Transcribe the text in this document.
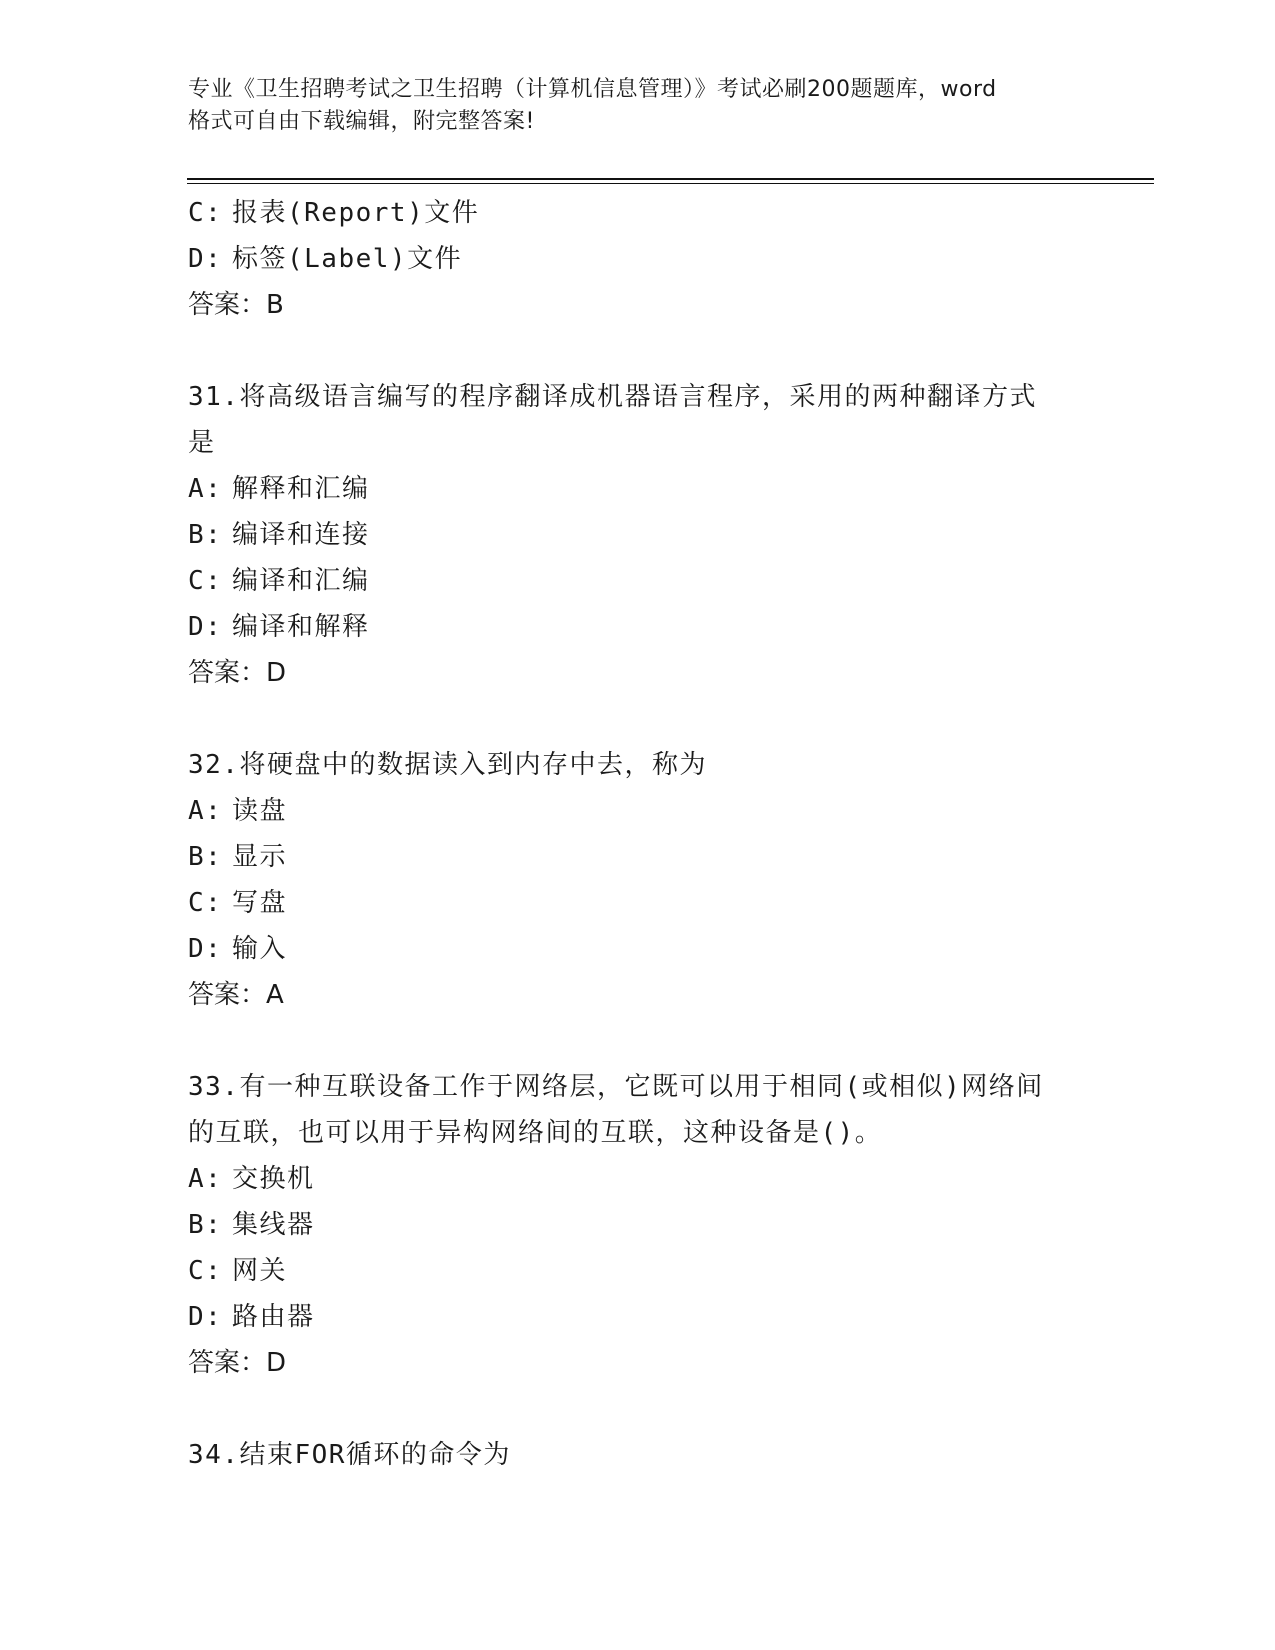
专业《卫生招聘考试之卫生招聘（计算机信息管理）》考试必刷200题题库，word
格式可自由下载编辑，附完整答案!
C: 报表(Report)文件
D: 标签(Label)文件
答案：B
31.将高级语言编写的程序翻译成机器语言程序，采用的两种翻译方式
是
A: 解释和汇编
B: 编译和连接
C: 编译和汇编
D: 编译和解释
答案：D
32.将硬盘中的数据读入到内存中去，称为
A: 读盘
B: 显示
C: 写盘
D: 输入
答案：A
33.有一种互联设备工作于网络层，它既可以用于相同(或相似)网络间
的互联，也可以用于异构网络间的互联，这种设备是()。
A: 交换机
B: 集线器
C: 网关
D: 路由器
答案：D
34.结束FOR循环的命令为
